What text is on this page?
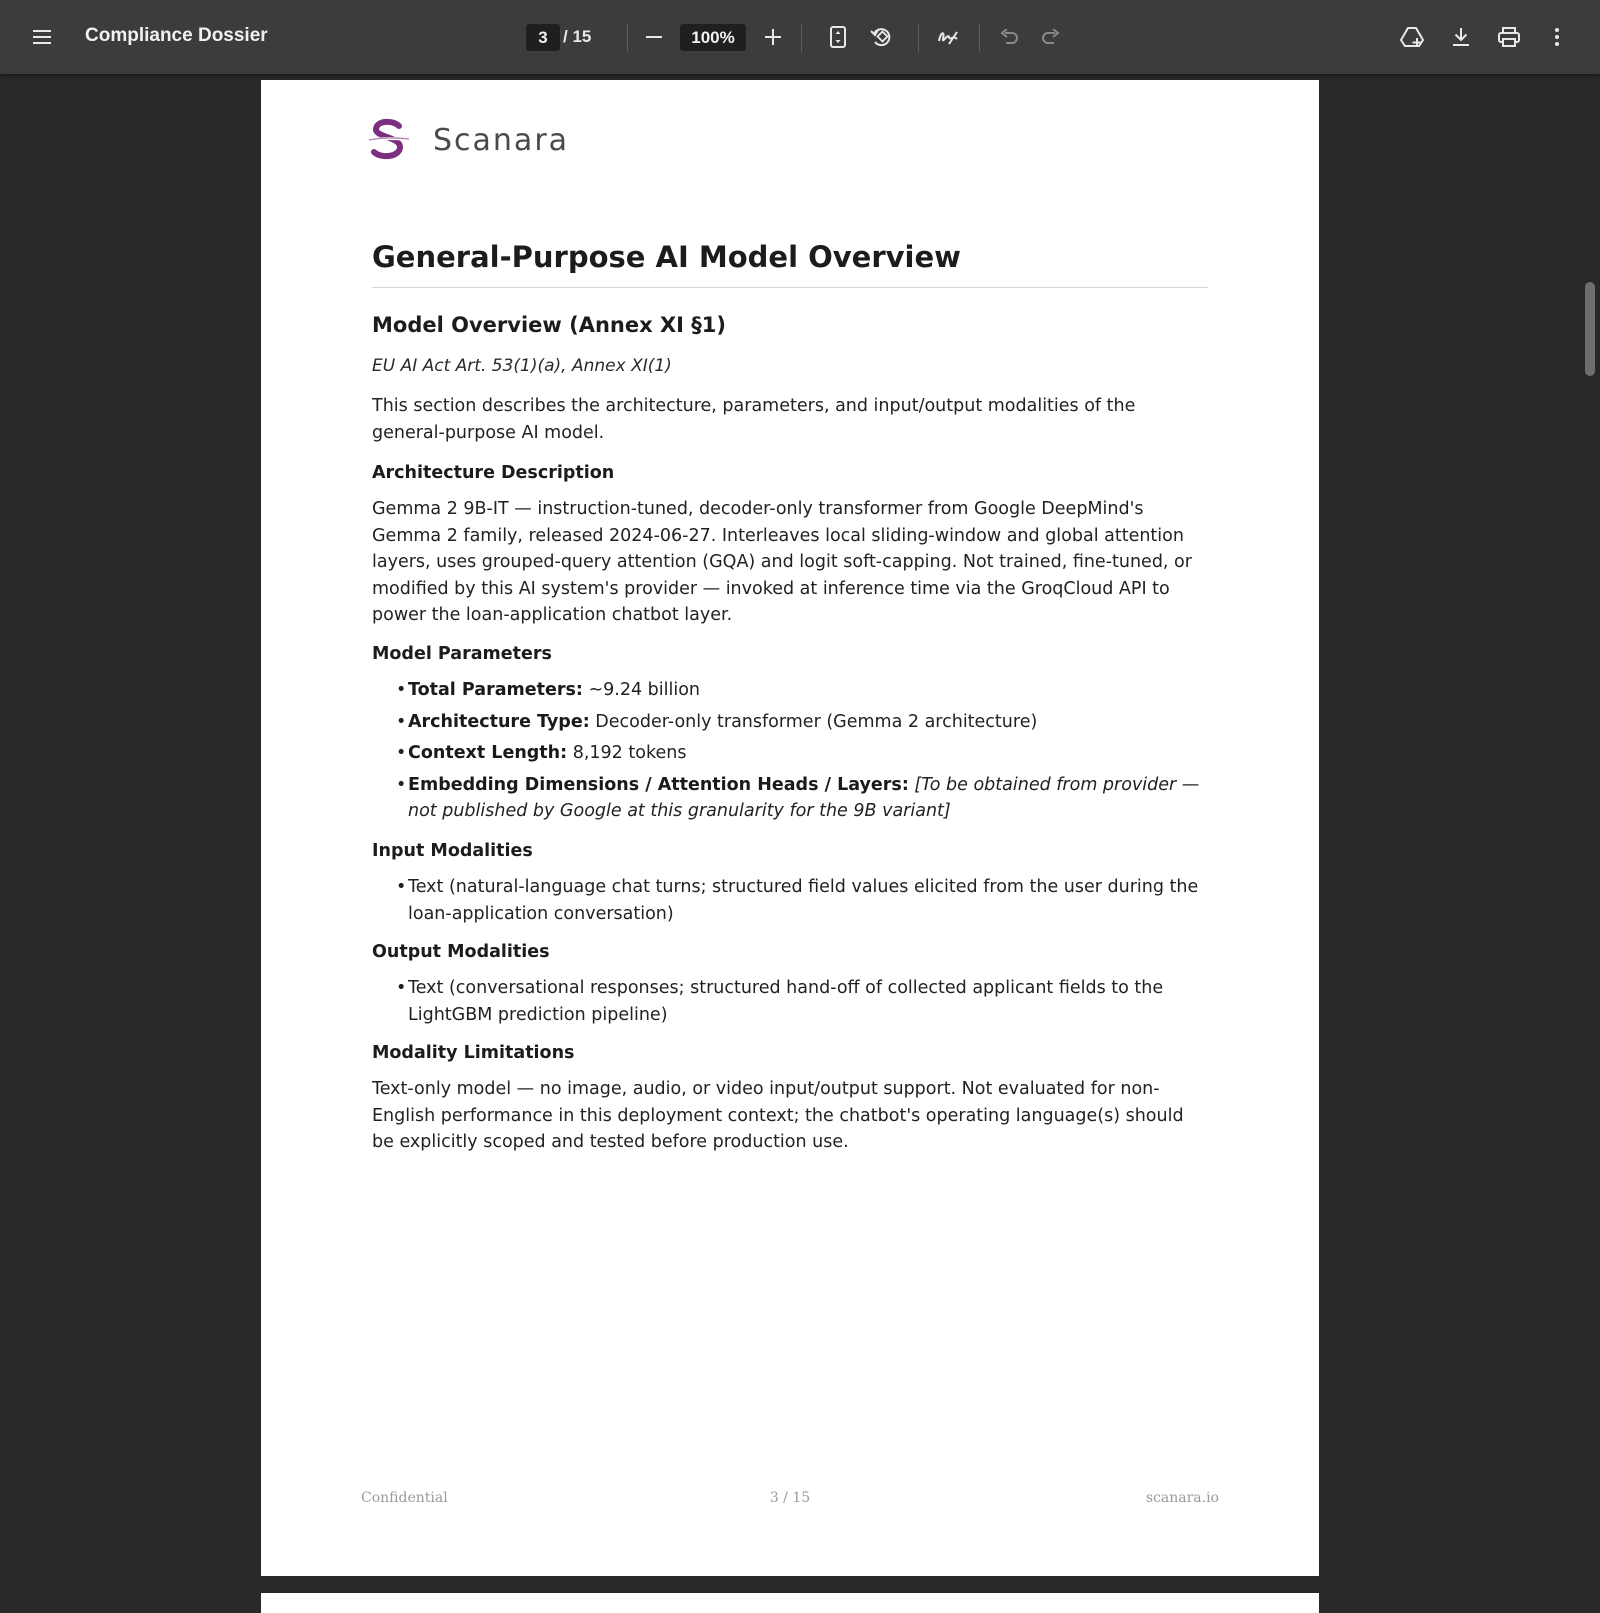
Compliance Dossier
3	/ 15
100%
Scanara
General-Purpose AI Model Overview
Model Overview (Annex XI §1)

EU AI Act Art. 53(1)(a), Annex XI(1)

This section describes the architecture, parameters, and input/output modalities of the general-purpose AI model.

Architecture Description

Gemma 2 9B-IT — instruction-tuned, decoder-only transformer from Google DeepMind's Gemma 2 family, released 2024-06-27. Interleaves local sliding-window and global attention layers, uses grouped-query attention (GQA) and logit soft-capping. Not trained, fine-tuned, or modified by this AI system's provider — invoked at inference time via the GroqCloud API to power the loan-application chatbot layer.

Model Parameters
• Total Parameters: ~9.24 billion
• Architecture Type: Decoder-only transformer (Gemma 2 architecture)
• Context Length: 8,192 tokens
• Embedding Dimensions / Attention Heads / Layers: [To be obtained from provider — not published by Google at this granularity for the 9B variant]
Input Modalities
• Text (natural-language chat turns; structured field values elicited from the user during the loan-application conversation)
Output Modalities
• Text (conversational responses; structured hand-off of collected applicant fields to the LightGBM prediction pipeline)
Modality Limitations

Text-only model — no image, audio, or video input/output support. Not evaluated for non-English performance in this deployment context; the chatbot's operating language(s) should be explicitly scoped and tested before production use.

Confidential	3 / 15	scanara.io
